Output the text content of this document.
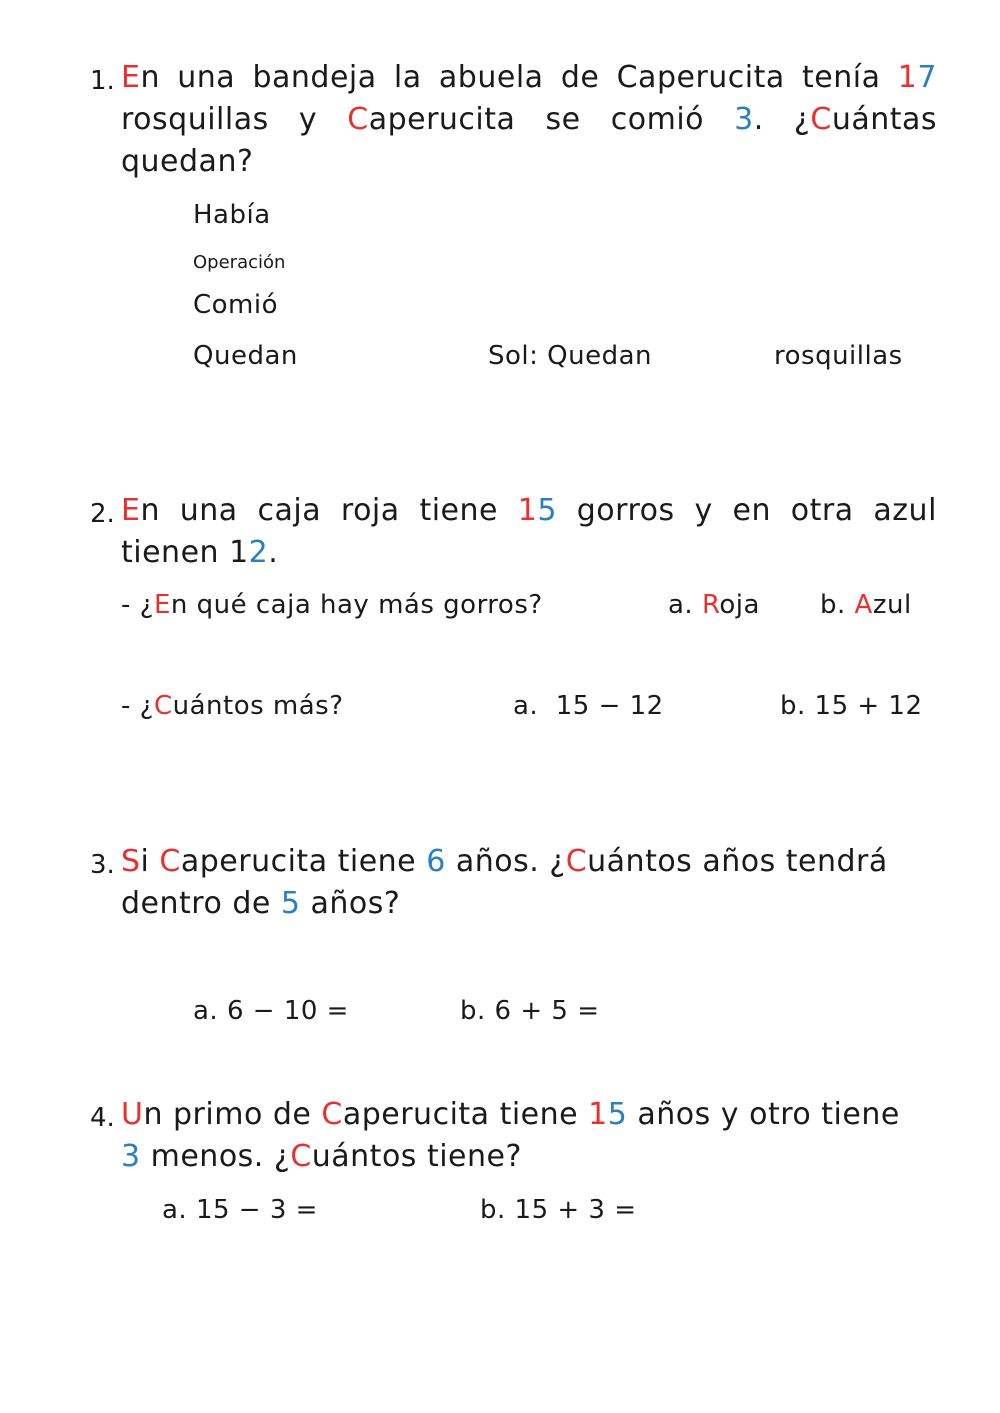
1. En una bandeja la abuela de Caperucita tenía 17
rosquillas y Caperucita se comió 3. ¿Cuántas
quedan?
Había
Operación
Comió
Quedan	Sol: Quedan	rosquillas
2. En una caja roja tiene 15 gorros y en otra azul
tienen 12.
- ¿En qué caja hay más gorros?	a. Roja b. Azul
- ¿Cuántos más?	a.  15 − 12	b. 15 + 12
3. Si Caperucita tiene 6 años. ¿Cuántos años tendrá
dentro de 5 años?
a. 6 − 10 =	b. 6 + 5 =
4. Un primo de Caperucita tiene 15 años y otro tiene
3 menos. ¿Cuántos tiene?
a. 15 − 3 =	b. 15 + 3 =
